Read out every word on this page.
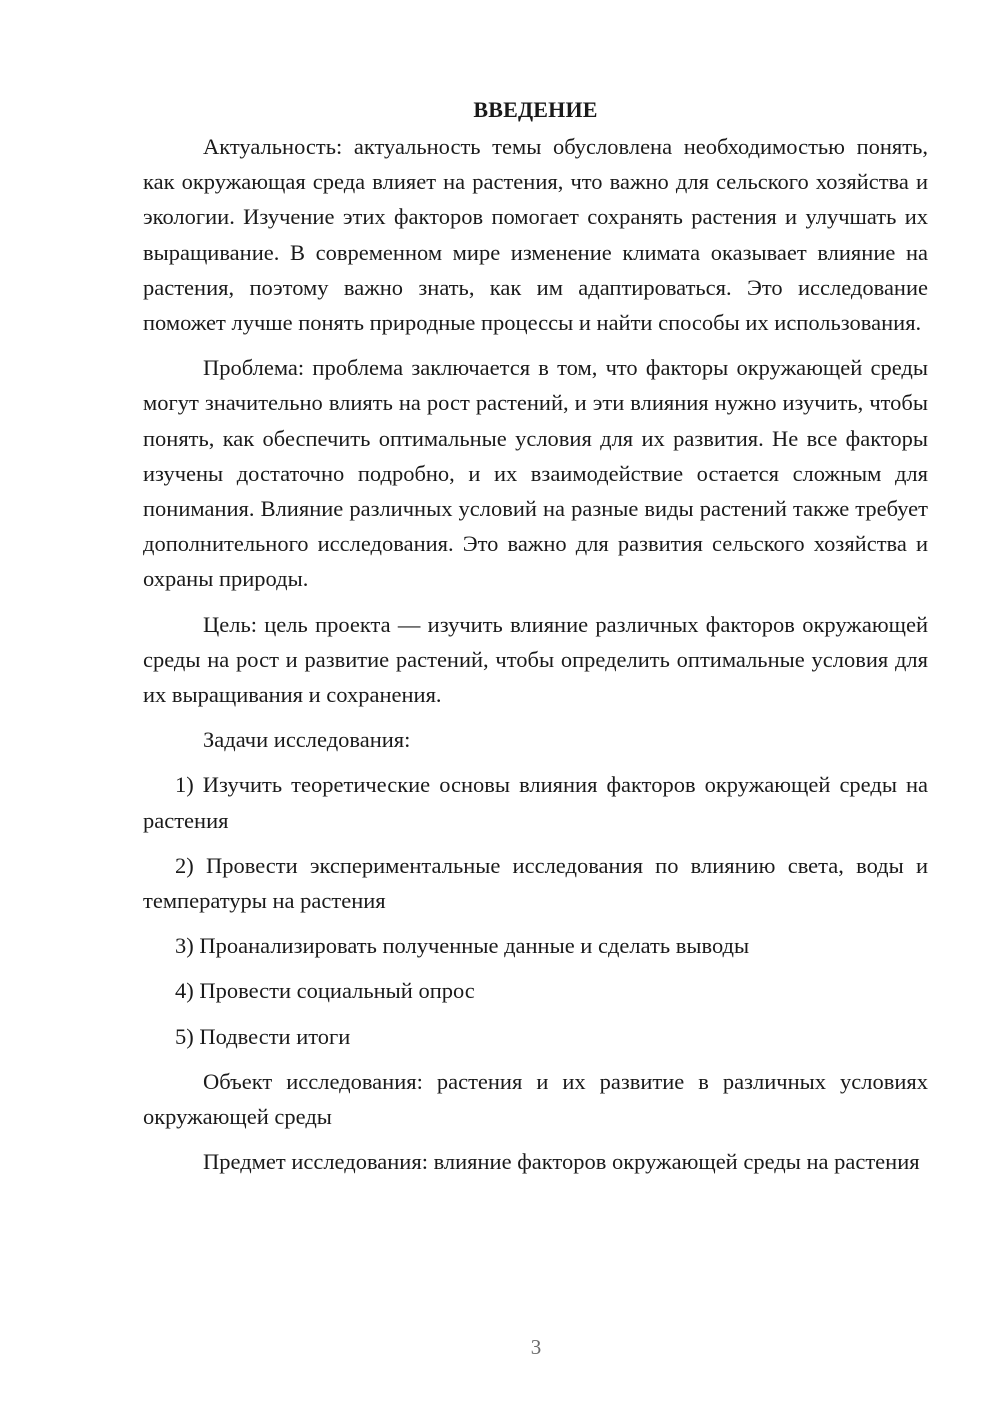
ВВЕДЕНИЕ

Актуальность: актуальность темы обусловлена необходимостью понять, как окружающая среда влияет на растения, что важно для сельского хозяйства и экологии. Изучение этих факторов помогает сохранять растения и улучшать их выращивание. В современном мире изменение климата оказывает влияние на растения, поэтому важно знать, как им адаптироваться. Это исследование поможет лучше понять природные процессы и найти способы их использования.

Проблема: проблема заключается в том, что факторы окружающей среды могут значительно влиять на рост растений, и эти влияния нужно изучить, чтобы понять, как обеспечить оптимальные условия для их развития. Не все факторы изучены достаточно подробно, и их взаимодействие остается сложным для понимания. Влияние различных условий на разные виды растений также требует дополнительного исследования. Это важно для развития сельского хозяйства и охраны природы.

Цель: цель проекта — изучить влияние различных факторов окружающей среды на рост и развитие растений, чтобы определить оптимальные условия для их выращивания и сохранения.

Задачи исследования:

1) Изучить теоретические основы влияния факторов окружающей среды на растения

2) Провести экспериментальные исследования по влиянию света, воды и температуры на растения

3) Проанализировать полученные данные и сделать выводы

4) Провести социальный опрос

5) Подвести итоги

Объект исследования: растения и их развитие в различных условиях окружающей среды

Предмет исследования: влияние факторов окружающей среды на растения

3
